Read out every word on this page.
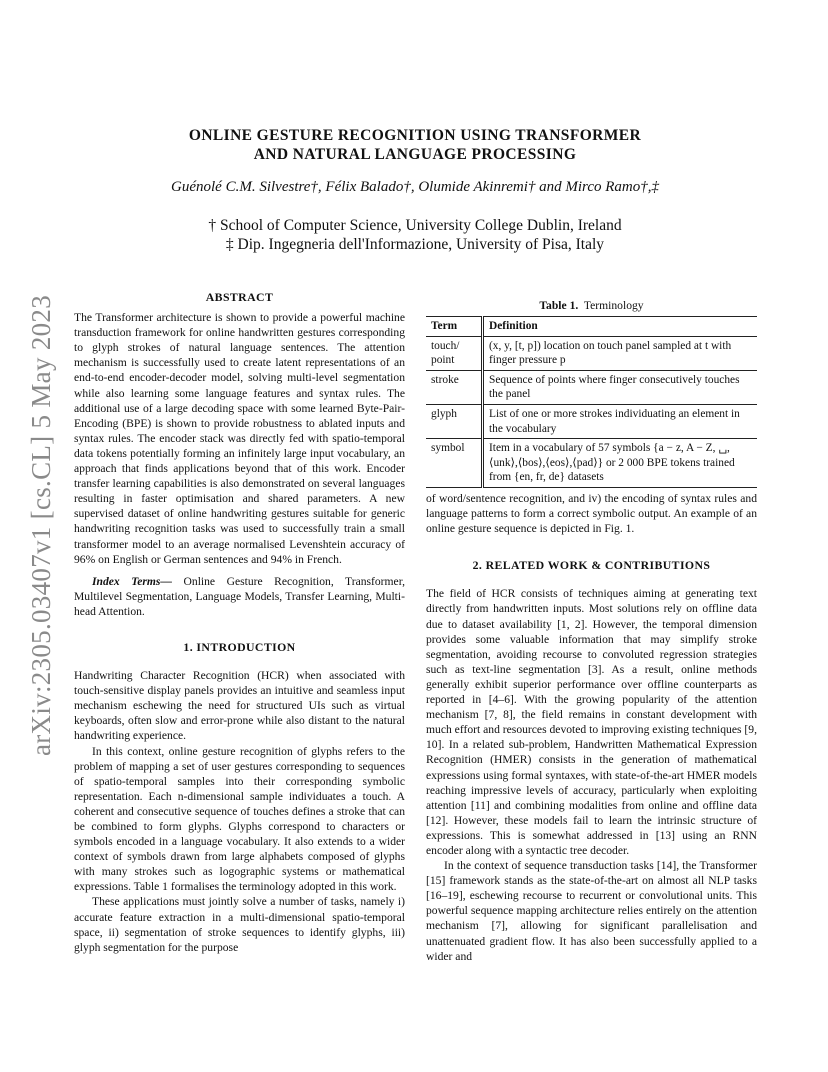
arXiv:2305.03407v1 [cs.CL] 5 May 2023
ONLINE GESTURE RECOGNITION USING TRANSFORMER
AND NATURAL LANGUAGE PROCESSING
Guénolé C.M. Silvestre†, Félix Balado†, Olumide Akinremi† and Mirco Ramo†,‡
† School of Computer Science, University College Dublin, Ireland
‡ Dip. Ingegneria dell'Informazione, University of Pisa, Italy
ABSTRACT

The Transformer architecture is shown to provide a powerful machine transduction framework for online handwritten gestures corresponding to glyph strokes of natural language sentences. The attention mechanism is successfully used to create latent representations of an end-to-end encoder-decoder model, solving multi-level segmentation while also learning some language features and syntax rules. The additional use of a large decoding space with some learned Byte-Pair-Encoding (BPE) is shown to provide robustness to ablated inputs and syntax rules. The encoder stack was directly fed with spatio-temporal data tokens potentially forming an infinitely large input vocabulary, an approach that finds applications beyond that of this work. Encoder transfer learning capabilities is also demonstrated on several languages resulting in faster optimisation and shared parameters. A new supervised dataset of online handwriting gestures suitable for generic handwriting recognition tasks was used to successfully train a small transformer model to an average normalised Levenshtein accuracy of 96% on English or German sentences and 94% in French.

Index Terms— Online Gesture Recognition, Transformer, Multilevel Segmentation, Language Models, Transfer Learning, Multi-head Attention.

1. INTRODUCTION

Handwriting Character Recognition (HCR) when associated with touch-sensitive display panels provides an intuitive and seamless input mechanism eschewing the need for structured UIs such as virtual keyboards, often slow and error-prone while also distant to the natural handwriting experience.

In this context, online gesture recognition of glyphs refers to the problem of mapping a set of user gestures corresponding to sequences of spatio-temporal samples into their corresponding symbolic representation. Each n-dimensional sample individuates a touch. A coherent and consecutive sequence of touches defines a stroke that can be combined to form glyphs. Glyphs correspond to characters or symbols encoded in a language vocabulary. It also extends to a wider context of symbols drawn from large alphabets composed of glyphs with many strokes such as logographic systems or mathematical expressions. Table 1 formalises the terminology adopted in this work.

These applications must jointly solve a number of tasks, namely i) accurate feature extraction in a multi-dimensional spatio-temporal space, ii) segmentation of stroke sequences to identify glyphs, iii) glyph segmentation for the purpose

Table 1. Terminology
Term	Definition
touch/ point	(x, y, [t, p]) location on touch panel sampled at t with finger pressure p
stroke	Sequence of points where finger consecutively touches the panel
glyph	List of one or more strokes individuating an element in the vocabulary
symbol	Item in a vocabulary of 57 symbols {a − z, A − Z, ␣,⟨unk⟩,⟨bos⟩,⟨eos⟩,⟨pad⟩} or 2 000 BPE tokens trained from {en, fr, de} datasets

of word/sentence recognition, and iv) the encoding of syntax rules and language patterns to form a correct symbolic output. An example of an online gesture sequence is depicted in Fig. 1.

2. RELATED WORK & CONTRIBUTIONS

The field of HCR consists of techniques aiming at generating text directly from handwritten inputs. Most solutions rely on offline data due to dataset availability [1, 2]. However, the temporal dimension provides some valuable information that may simplify stroke segmentation, avoiding recourse to convoluted regression strategies such as text-line segmentation [3]. As a result, online methods generally exhibit superior performance over offline counterparts as reported in [4–6]. With the growing popularity of the attention mechanism [7, 8], the field remains in constant development with much effort and resources devoted to improving existing techniques [9, 10]. In a related sub-problem, Handwritten Mathematical Expression Recognition (HMER) consists in the generation of mathematical expressions using formal syntaxes, with state-of-the-art HMER models reaching impressive levels of accuracy, particularly when exploiting attention [11] and combining modalities from online and offline data [12]. However, these models fail to learn the intrinsic structure of expressions. This is somewhat addressed in [13] using an RNN encoder along with a syntactic tree decoder.

In the context of sequence transduction tasks [14], the Transformer [15] framework stands as the state-of-the-art on almost all NLP tasks [16–19], eschewing recourse to recurrent or convolutional units. This powerful sequence mapping architecture relies entirely on the attention mechanism [7], allowing for significant parallelisation and unattenuated gradient flow. It has also been successfully applied to a wider and
